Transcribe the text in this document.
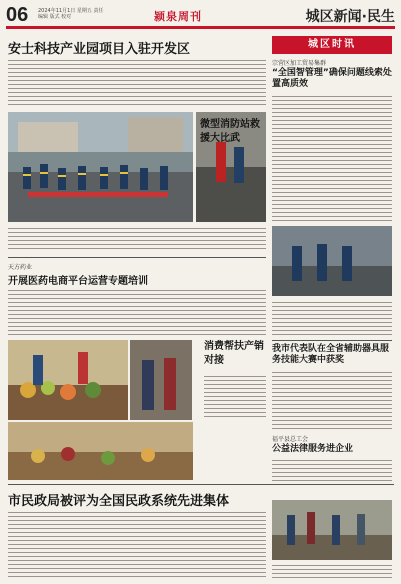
06 2024年11月1日 星期五 责任编辑 版式 校对	颍泉周刊	城区新闻·民生
安士科技产业园项目入驻开发区
微型消防站救援大比武
天方药业
开展医药电商平台运营专题培训
消费帮扶产销对接
市民政局被评为全国民政系统先进集体
城区时讯
宗营区加工贸易集群
“全国智管理”确保问题线索处置高质效
我市代表队在全省辅助器具服务技能大赛中获奖
福平县总工会
公益法律服务进企业
